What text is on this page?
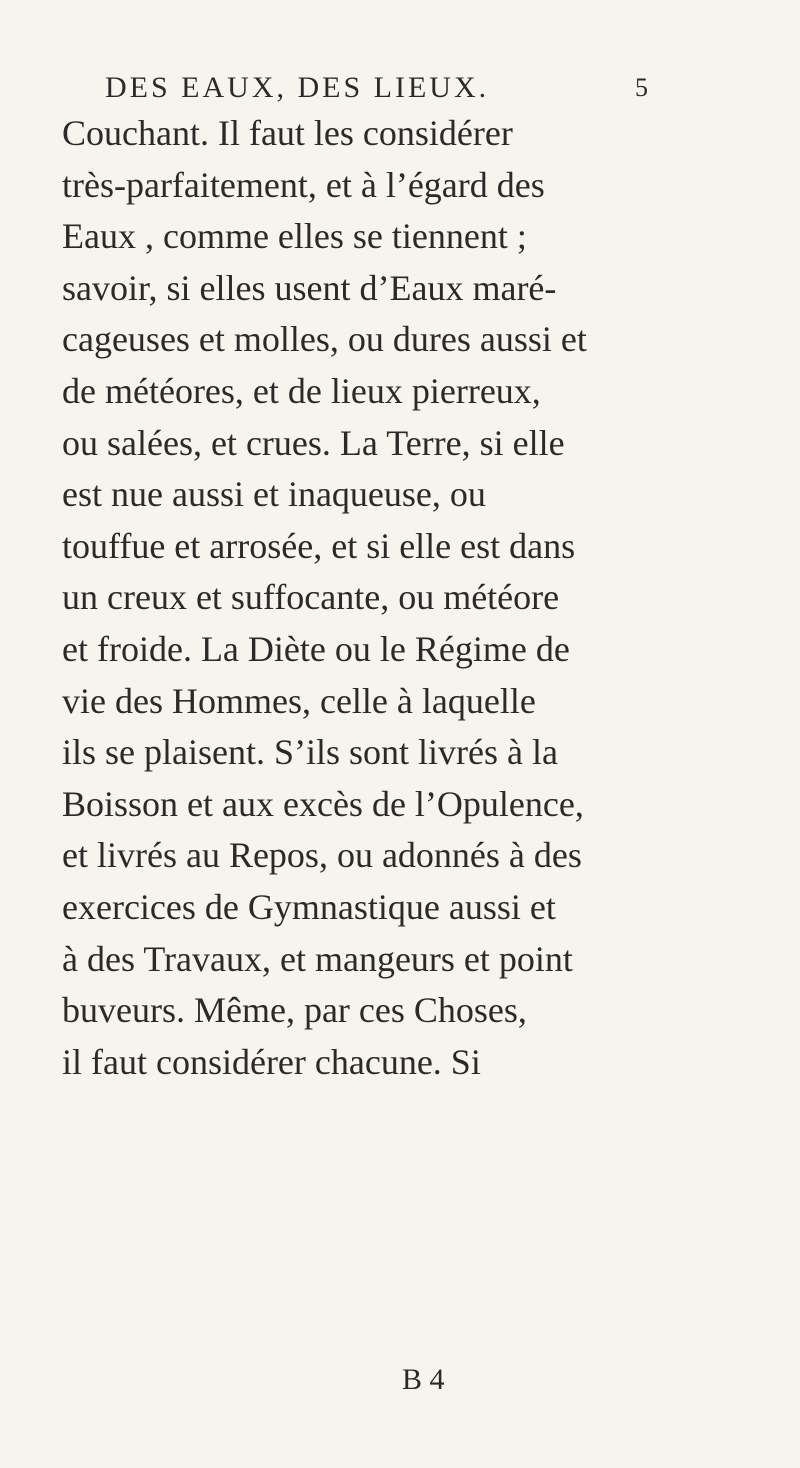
DES EAUX, DES LIEUX.	5
Couchant. Il faut les considérer
très-parfaitement, et à l’égard des
Eaux , comme elles se tiennent ;
savoir, si elles usent d’Eaux maré-
cageuses et molles, ou dures aussi et
de météores, et de lieux pierreux,
ou salées, et crues. La Terre, si elle
est nue aussi et inaqueuse, ou
touffue et arrosée, et si elle est dans
un creux et suffocante, ou météore
et froide. La Diète ou le Régime de
vie des Hommes, celle à laquelle
ils se plaisent. S’ils sont livrés à la
Boisson et aux excès de l’Opulence,
et livrés au Repos, ou adonnés à des
exercices de Gymnastique aussi et
à des Travaux, et mangeurs et point
buveurs. Même, par ces Choses,
il faut considérer chacune. Si
B 4
